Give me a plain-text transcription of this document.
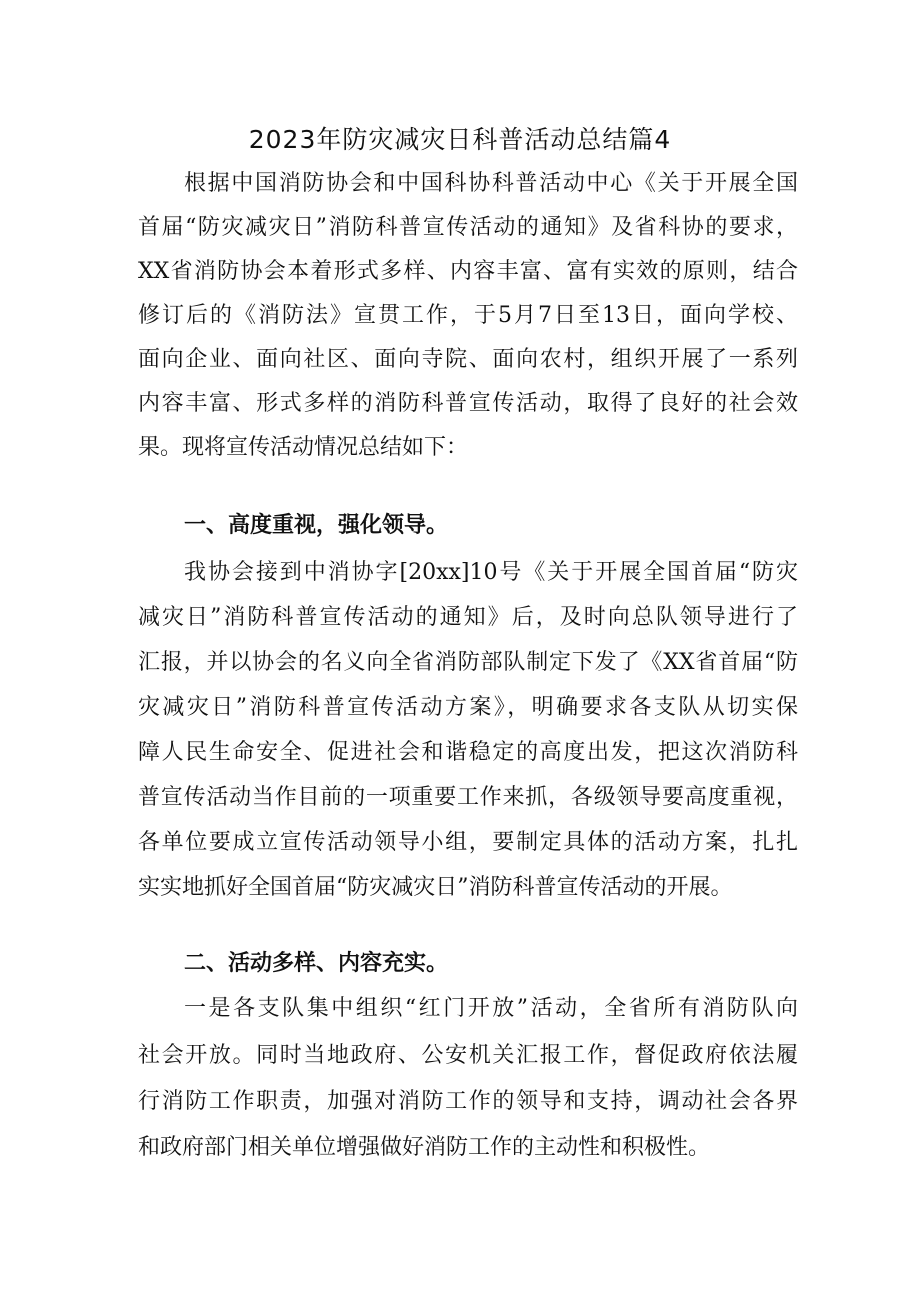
2023年防灾减灾日科普活动总结篇4
根据中国消防协会和中国科协科普活动中心《关于开展全国
首届“防灾减灾日”消防科普宣传活动的通知》及省科协的要求，
XX省消防协会本着形式多样、内容丰富、富有实效的原则，结合
修订后的《消防法》宣贯工作，于5月7日至13日，面向学校、
面向企业、面向社区、面向寺院、面向农村，组织开展了一系列
内容丰富、形式多样的消防科普宣传活动，取得了良好的社会效
果。现将宣传活动情况总结如下：
一、高度重视，强化领导。
我协会接到中消协字[20xx]10号《关于开展全国首届“防灾
减灾日”消防科普宣传活动的通知》后，及时向总队领导进行了
汇报，并以协会的名义向全省消防部队制定下发了《XX省首届“防
灾减灾日”消防科普宣传活动方案》，明确要求各支队从切实保
障人民生命安全、促进社会和谐稳定的高度出发，把这次消防科
普宣传活动当作目前的一项重要工作来抓，各级领导要高度重视，
各单位要成立宣传活动领导小组，要制定具体的活动方案，扎扎
实实地抓好全国首届“防灾减灾日”消防科普宣传活动的开展。
二、活动多样、内容充实。
一是各支队集中组织“红门开放”活动，全省所有消防队向
社会开放。同时当地政府、公安机关汇报工作，督促政府依法履
行消防工作职责，加强对消防工作的领导和支持，调动社会各界
和政府部门相关单位增强做好消防工作的主动性和积极性。
